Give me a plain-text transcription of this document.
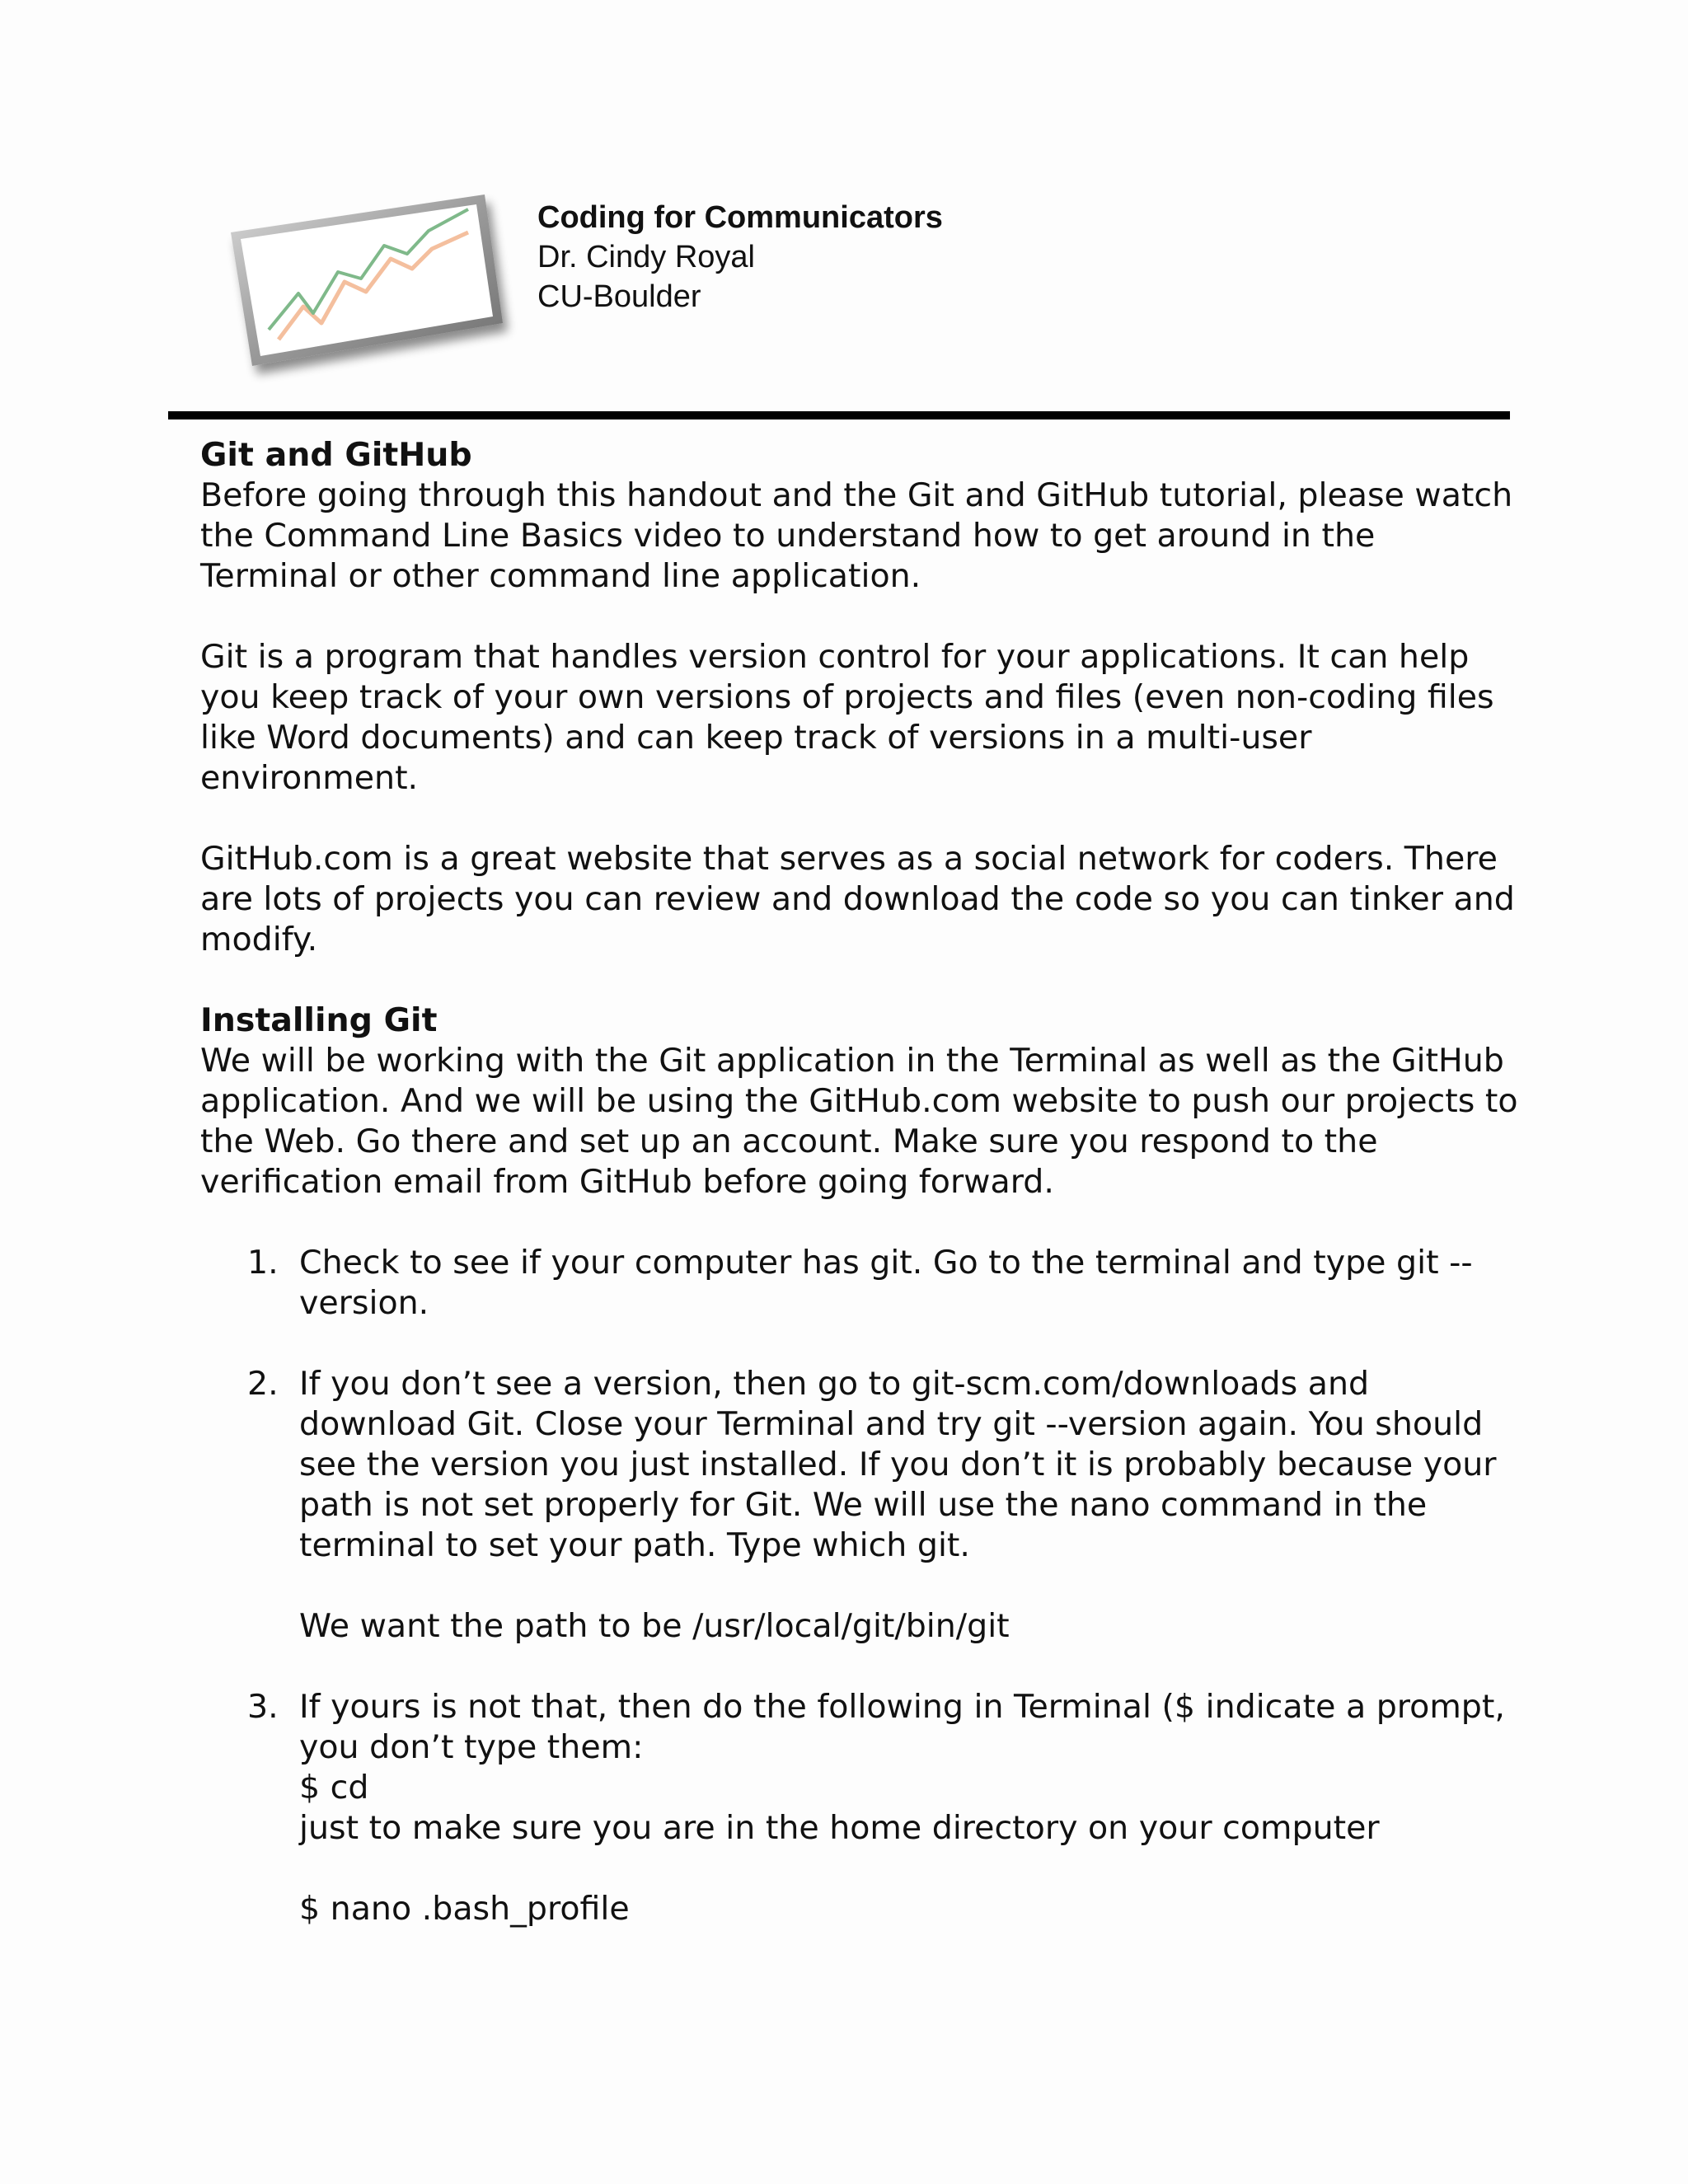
Coding for Communicators
Dr. Cindy Royal
CU-Boulder
Git and GitHub

Before going through this handout and the Git and GitHub tutorial, please watch the Command Line Basics video to understand how to get around in the Terminal or other command line application.

Git is a program that handles version control for your applications. It can help you keep track of your own versions of projects and files (even non-coding files like Word documents) and can keep track of versions in a multi-user environment.

GitHub.com is a great website that serves as a social network for coders. There are lots of projects you can review and download the code so you can tinker and modify.

Installing Git

We will be working with the Git application in the Terminal as well as the GitHub application. And we will be using the GitHub.com website to push our projects to the Web. Go there and set up an account. Make sure you respond to the verification email from GitHub before going forward.

1. Check to see if your computer has git. Go to the terminal and type git --version.
2. If you don’t see a version, then go to git-scm.com/downloads and download Git. Close your Terminal and try git --version again. You should see the version you just installed. If you don’t it is probably because your path is not set properly for Git. We will use the nano command in the terminal to set your path. Type which git.
We want the path to be /usr/local/git/bin/git
3. If yours is not that, then do the following in Terminal ($ indicate a prompt, you don’t type them:
$ cd
just to make sure you are in the home directory on your computer
$ nano .bash_profile
